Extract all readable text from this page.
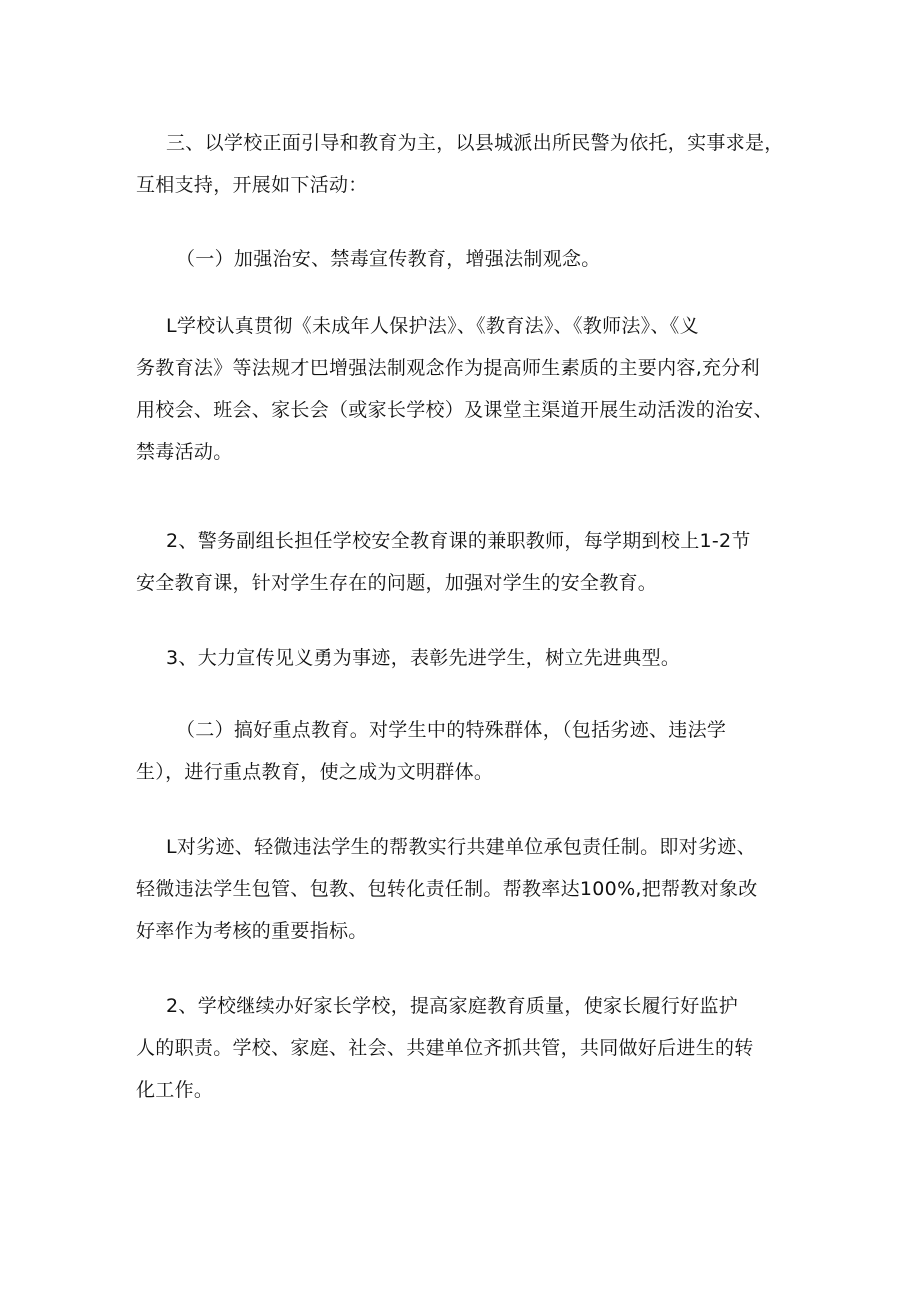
三、以学校正面引导和教育为主，以县城派出所民警为依托，实事求是，
互相支持，开展如下活动：

（一）加强治安、禁毒宣传教育，增强法制观念。

L学校认真贯彻《未成年人保护法》、《教育法》、《教师法》、《义
务教育法》等法规才巴增强法制观念作为提高师生素质的主要内容,充分利
用校会、班会、家长会（或家长学校）及课堂主渠道开展生动活泼的治安、
禁毒活动。

2、警务副组长担任学校安全教育课的兼职教师，每学期到校上1-2节
安全教育课，针对学生存在的问题，加强对学生的安全教育。

3、大力宣传见义勇为事迹，表彰先进学生，树立先进典型。

（二）搞好重点教育。对学生中的特殊群体，（包括劣迹、违法学
生），进行重点教育，使之成为文明群体。

L对劣迹、轻微违法学生的帮教实行共建单位承包责任制。即对劣迹、
轻微违法学生包管、包教、包转化责任制。帮教率达100%,把帮教对象改
好率作为考核的重要指标。

2、学校继续办好家长学校，提高家庭教育质量，使家长履行好监护
人的职责。学校、家庭、社会、共建单位齐抓共管，共同做好后进生的转
化工作。
